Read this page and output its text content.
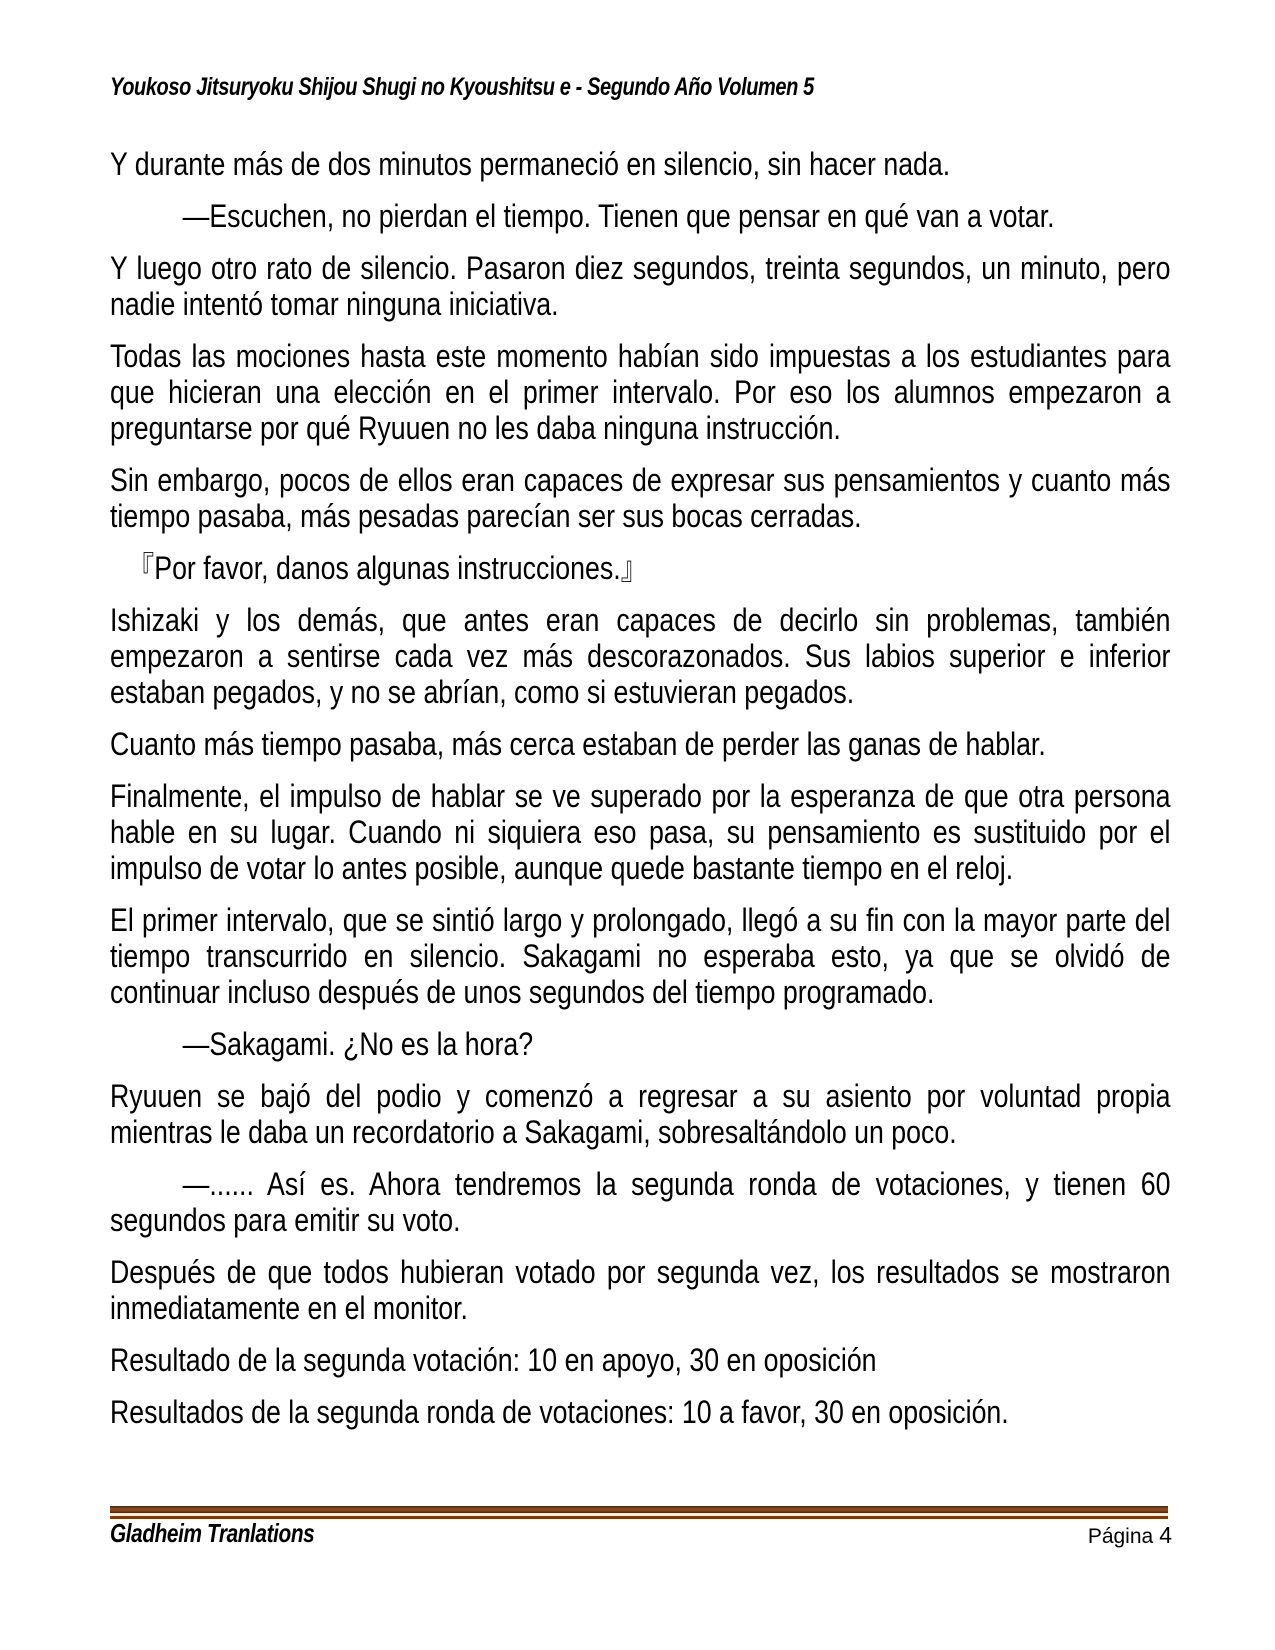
Youkoso Jitsuryoku Shijou Shugi no Kyoushitsu e - Segundo Año Volumen 5

Y durante más de dos minutos permaneció en silencio, sin hacer nada.

—Escuchen, no pierdan el tiempo. Tienen que pensar en qué van a votar.

Y luego otro rato de silencio. Pasaron diez segundos, treinta segundos, un minuto, pero nadie intentó tomar ninguna iniciativa.

Todas las mociones hasta este momento habían sido impuestas a los estudiantes para que hicieran una elección en el primer intervalo. Por eso los alumnos empezaron a preguntarse por qué Ryuuen no les daba ninguna instrucción.

Sin embargo, pocos de ellos eran capaces de expresar sus pensamientos y cuanto más tiempo pasaba, más pesadas parecían ser sus bocas cerradas.

『Por favor, danos algunas instrucciones.』

Ishizaki y los demás, que antes eran capaces de decirlo sin problemas, también empezaron a sentirse cada vez más descorazonados. Sus labios superior e inferior estaban pegados, y no se abrían, como si estuvieran pegados.

Cuanto más tiempo pasaba, más cerca estaban de perder las ganas de hablar.

Finalmente, el impulso de hablar se ve superado por la esperanza de que otra persona hable en su lugar. Cuando ni siquiera eso pasa, su pensamiento es sustituido por el impulso de votar lo antes posible, aunque quede bastante tiempo en el reloj.

El primer intervalo, que se sintió largo y prolongado, llegó a su fin con la mayor parte del tiempo transcurrido en silencio. Sakagami no esperaba esto, ya que se olvidó de continuar incluso después de unos segundos del tiempo programado.

—Sakagami. ¿No es la hora?

Ryuuen se bajó del podio y comenzó a regresar a su asiento por voluntad propia mientras le daba un recordatorio a Sakagami, sobresaltándolo un poco.

—...... Así es. Ahora tendremos la segunda ronda de votaciones, y tienen 60 segundos para emitir su voto.

Después de que todos hubieran votado por segunda vez, los resultados se mostraron inmediatamente en el monitor.

Resultado de la segunda votación: 10 en apoyo, 30 en oposición

Resultados de la segunda ronda de votaciones: 10 a favor, 30 en oposición.

Gladheim Tranlations	Página 4
